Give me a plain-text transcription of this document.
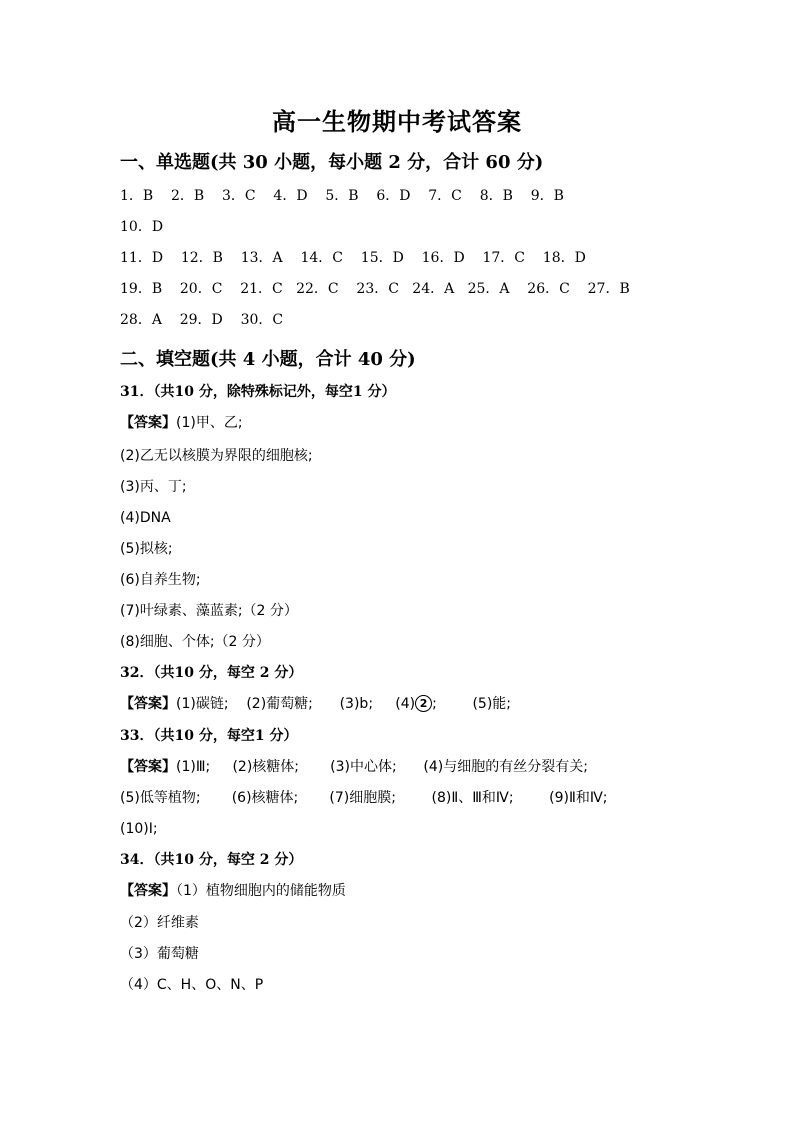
高一生物期中考试答案
一、单选题(共 30 小题，每小题 2 分，合计 60 分)

1．B    2．B    3．C    4．D    5．B    6．D    7．C    8．B    9．B

10．D

11．D    12．B    13．A    14．C    15．D    16．D    17．C    18．D

19．B    20．C    21．C   22．C    23．C   24．A   25．A    26．C    27．B

28．A    29．D    30．C

二、填空题(共 4 小题，合计 40 分)

31．（共10 分，除特殊标记外，每空1 分）

【答案】(1)甲、乙;

(2)乙无以核膜为界限的细胞核;

(3)丙、丁;

(4)DNA

(5)拟核;

(6)自养生物;

(7)叶绿素、藻蓝素;（2 分）

(8)细胞、个体;（2 分）

32．（共10 分，每空 2 分）

【答案】(1)碳链;    (2)葡萄糖;      (3)b;     (4) 2 ;        (5)能;

33．（共10 分，每空1 分）

【答案】(1)Ⅲ;     (2)核糖体;       (3)中心体;      (4)与细胞的有丝分裂有关;

(5)低等植物;       (6)核糖体;       (7)细胞膜;        (8)Ⅱ、Ⅲ和Ⅳ;        (9)Ⅱ和Ⅳ;

(10)Ⅰ;

34．（共10 分，每空 2 分）

【答案】（1）植物细胞内的储能物质

（2）纤维素

（3）葡萄糖

（4）C、H、O、N、P
